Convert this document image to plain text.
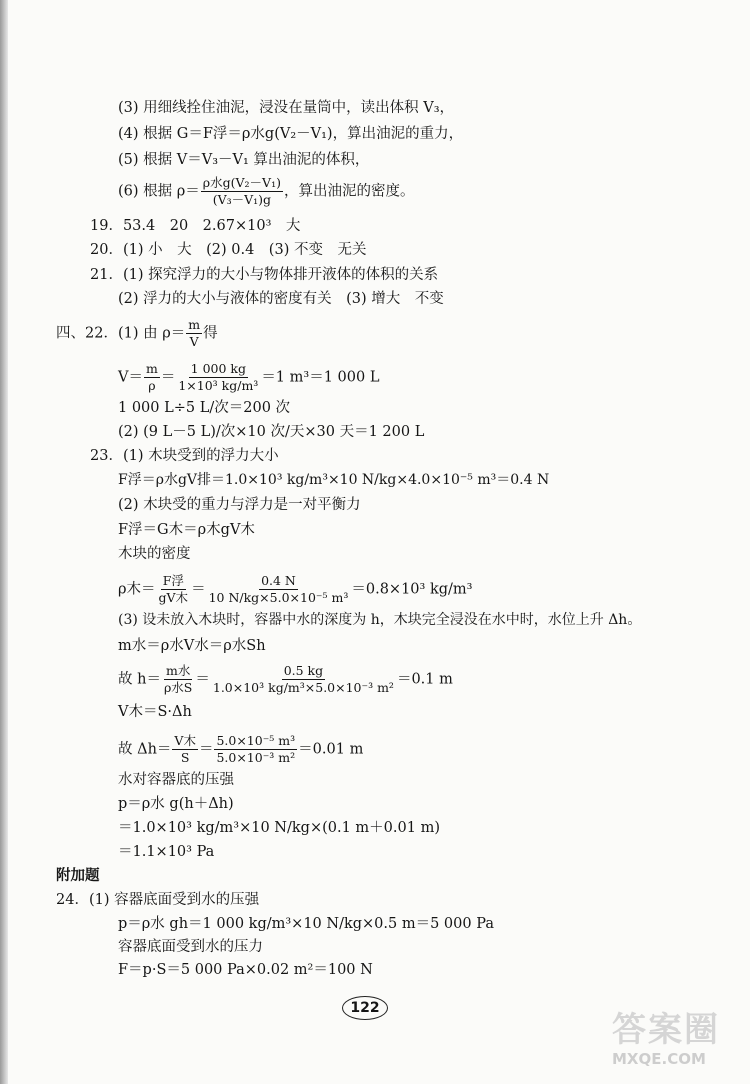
(3) 用细线拴住油泥，浸没在量筒中，读出体积 V₃，
(4) 根据 G＝F浮＝ρ水g(V₂－V₁)，算出油泥的重力，
(5) 根据 V＝V₃－V₁ 算出油泥的体积，
(6) 根据 $\rho= \frac{\text{ρ水g(V₂－V₁)}}{\text{(V₃－V₁)g}}$ ，算出油泥的密度。
19．53.4　20　2.67×10³　大
20．(1) 小　大　(2) 0.4　(3) 不变　无关
21．(1) 探究浮力的大小与物体排开液体的体积的关系
(2) 浮力的大小与液体的密度有关　(3) 增大　不变
四、22．(1) 由 $\rho= \frac{m}{V}$ 得
$V= \frac{m}{\rho} = \frac{1 000 kg}{\text{1×10³ kg/m³}} =1$ m³＝1 000 L
1 000 L÷5 L/次＝200 次
(2) (9 L－5 L)/次×10 次/天×30 天＝1 200 L
23．(1) 木块受到的浮力大小
F浮＝ρ水gV排＝1.0×10³ kg/m³×10 N/kg×4.0×10⁻⁵ m³＝0.4 N
(2) 木块受的重力与浮力是一对平衡力
F浮＝G木＝ρ木gV木
木块的密度
ρ木＝ $\frac{\text{F浮}}{\text{gV木}} = \frac{0.4 N}{\text{10 N/kg×5.0×10⁻⁵ m³}} =0.8\times 10^3$ kg/m³
(3) 设未放入木块时，容器中水的深度为 h，木块完全浸没在水中时，水位上升 Δh。
m水＝ρ水V水＝ρ水Sh
故 $h= \frac{\text{m水}}{\text{ρ水S}} = \frac{0.5 kg}{\text{1.0×10³ kg/m³×5.0×10⁻³ m²}} =0.1$ m
V木＝S·Δh
故 $\Delta h= \frac{\text{V木}}{S} = \frac{\text{5.0×10⁻⁵ m³}}{\text{5.0×10⁻³ m²}} =0.01$ m
水对容器底的压强
p＝ρ水 g(h＋Δh)
＝1.0×10³ kg/m³×10 N/kg×(0.1 m＋0.01 m)
＝1.1×10³ Pa
附加题
24．(1) 容器底面受到水的压强
p＝ρ水 gh＝1 000 kg/m³×10 N/kg×0.5 m＝5 000 Pa
容器底面受到水的压力
F＝p·S＝5 000 Pa×0.02 m²＝100 N
122
答案圈
MXQE.COM
